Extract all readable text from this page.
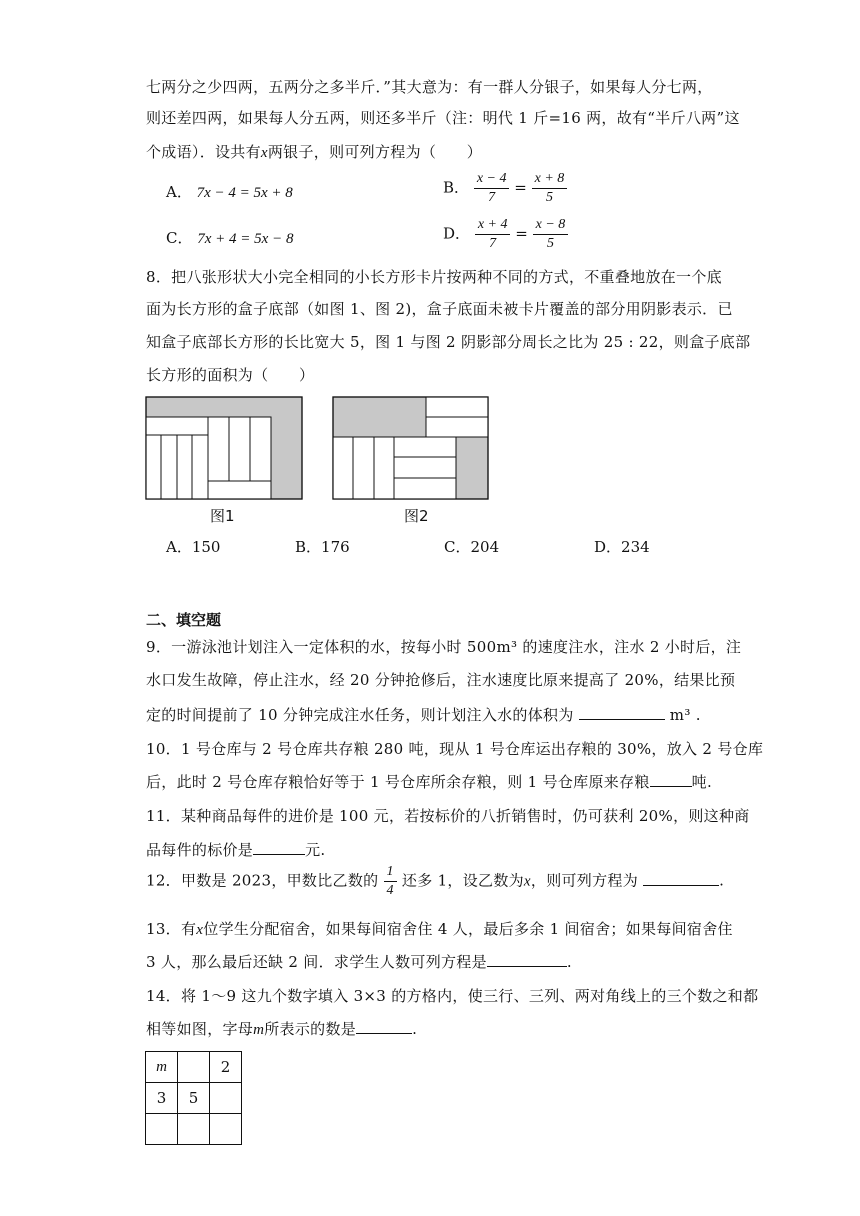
七两分之少四两，五两分之多半斤．”其大意为：有一群人分银子，如果每人分七两，
则还差四两，如果每人分五两，则还多半斤（注：明代 1 斤=16 两，故有“半斤八两”这
个成语）．设共有x两银子，则可列方程为（　　）
A． 7x − 4 = 5x + 8	B． $\frac{x - 4}{7} = \frac{x + 8}{5}$
C． 7x + 4 = 5x − 8	D． $\frac{x + 4}{7} = \frac{x - 8}{5}$
8．把八张形状大小完全相同的小长方形卡片按两种不同的方式，不重叠地放在一个底
面为长方形的盒子底部（如图 1、图 2)，盒子底面未被卡片覆盖的部分用阴影表示．已
知盒子底部长方形的长比宽大 5，图 1 与图 2 阴影部分周长之比为 25 : 22，则盒子底部
长方形的面积为（　　）
图1	图2
A．150	B．176	C．204	D．234
二、填空题
9．一游泳池计划注入一定体积的水，按每小时 500m³ 的速度注水，注水 2 小时后，注
水口发生故障，停止注水，经 20 分钟抢修后，注水速度比原来提高了 20%，结果比预
定的时间提前了 10 分钟完成注水任务，则计划注入水的体积为	m³ .
10．1 号仓库与 2 号仓库共存粮 280 吨，现从 1 号仓库运出存粮的 30%，放入 2 号仓库
后，此时 2 号仓库存粮恰好等于 1 号仓库所余存粮，则 1 号仓库原来存粮	吨.
11．某种商品每件的进价是 100 元，若按标价的八折销售时，仍可获利 20%，则这种商
品每件的标价是	元.
12．甲数是 2023，甲数比乙数的 $\frac{1}{4}$ 还多 1，设乙数为x，则可列方程为	.
13．有x位学生分配宿舍，如果每间宿舍住 4 人，最后多余 1 间宿舍；如果每间宿舍住
3 人，那么最后还缺 2 间．求学生人数可列方程是	.
14．将 1～9 这九个数字填入 3×3 的方格内，使三行、三列、两对角线上的三个数之和都
相等如图，字母m所表示的数是	.
m		2
3	5	
